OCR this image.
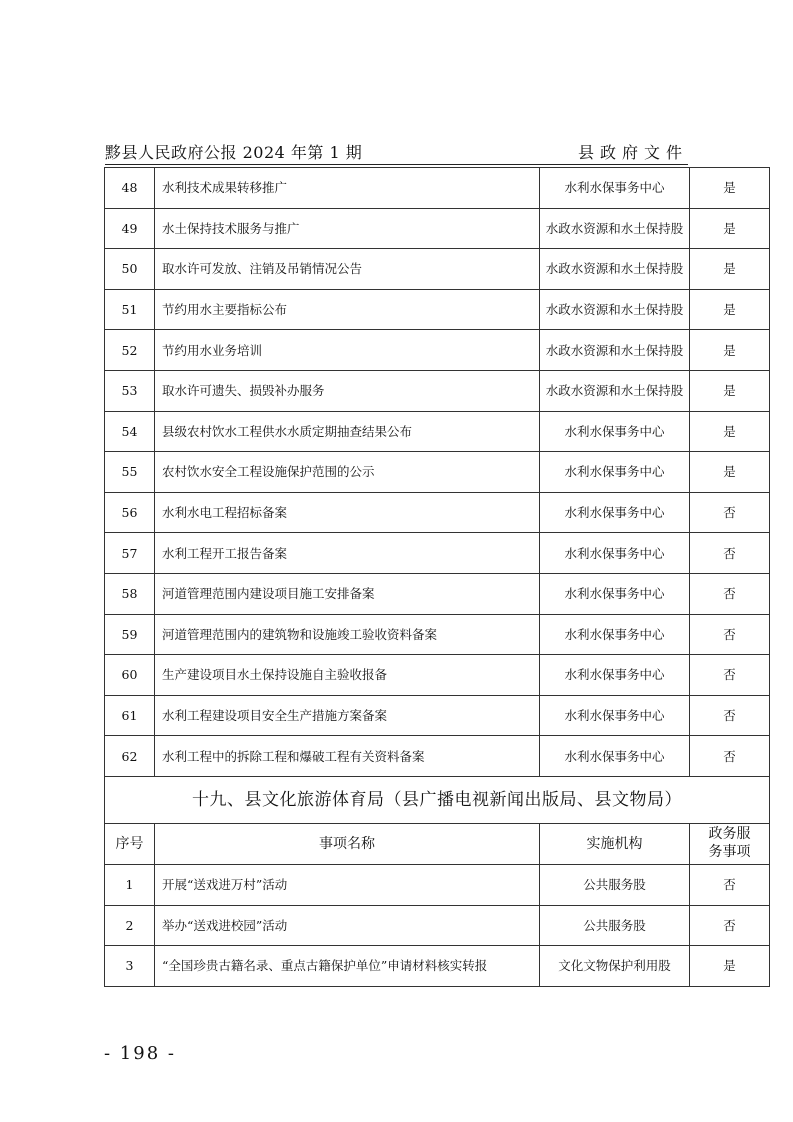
黟县人民政府公报 2024 年第 1 期	县政府文件
48	水利技术成果转移推广	水利水保事务中心	是
49	水土保持技术服务与推广	水政水资源和水土保持股	是
50	取水许可发放、注销及吊销情况公告	水政水资源和水土保持股	是
51	节约用水主要指标公布	水政水资源和水土保持股	是
52	节约用水业务培训	水政水资源和水土保持股	是
53	取水许可遗失、损毁补办服务	水政水资源和水土保持股	是
54	县级农村饮水工程供水水质定期抽查结果公布	水利水保事务中心	是
55	农村饮水安全工程设施保护范围的公示	水利水保事务中心	是
56	水利水电工程招标备案	水利水保事务中心	否
57	水利工程开工报告备案	水利水保事务中心	否
58	河道管理范围内建设项目施工安排备案	水利水保事务中心	否
59	河道管理范围内的建筑物和设施竣工验收资料备案	水利水保事务中心	否
60	生产建设项目水土保持设施自主验收报备	水利水保事务中心	否
61	水利工程建设项目安全生产措施方案备案	水利水保事务中心	否
62	水利工程中的拆除工程和爆破工程有关资料备案	水利水保事务中心	否
十九、县文化旅游体育局（县广播电视新闻出版局、县文物局）			
序号	事项名称	实施机构	政务服
务事项
1	开展“送戏进万村”活动	公共服务股	否
2	举办“送戏进校园”活动	公共服务股	否
3	“全国珍贵古籍名录、重点古籍保护单位”申请材料核实转报	文化文物保护利用股	是
- 198 -
